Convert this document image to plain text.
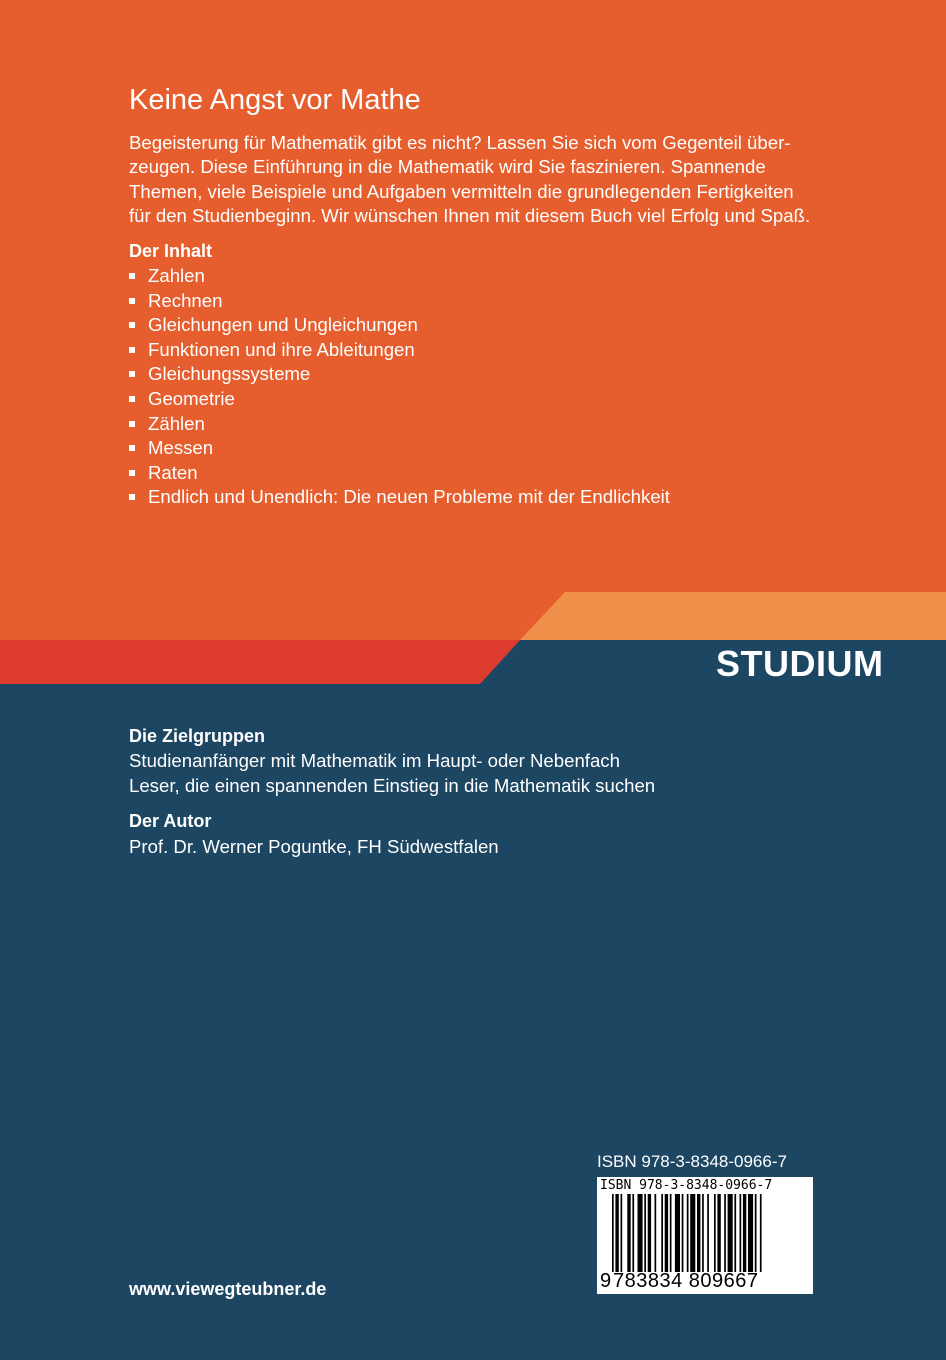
Keine Angst vor Mathe

Begeisterung für Mathematik gibt es nicht? Lassen Sie sich vom Gegenteil über-
zeugen. Diese Einführung in die Mathematik wird Sie faszinieren. Spannende
Themen, viele Beispiele und Aufgaben vermitteln die grundlegenden Fertigkeiten
für den Studienbeginn. Wir wünschen Ihnen mit diesem Buch viel Erfolg und Spaß.

Der Inhalt
Zahlen
Rechnen
Gleichungen und Ungleichungen
Funktionen und ihre Ableitungen
Gleichungssysteme
Geometrie
Zählen
Messen
Raten
Endlich und Unendlich: Die neuen Probleme mit der Endlichkeit
STUDIUM
Die Zielgruppen

Studienanfänger mit Mathematik im Haupt- oder Nebenfach

Leser, die einen spannenden Einstieg in die Mathematik suchen

Der Autor

Prof. Dr. Werner Poguntke, FH Südwestfalen

ISBN 978-3-8348-0966-7
ISBN 978-3-8348-0966-7
9 783834 809667
www.viewegteubner.de
